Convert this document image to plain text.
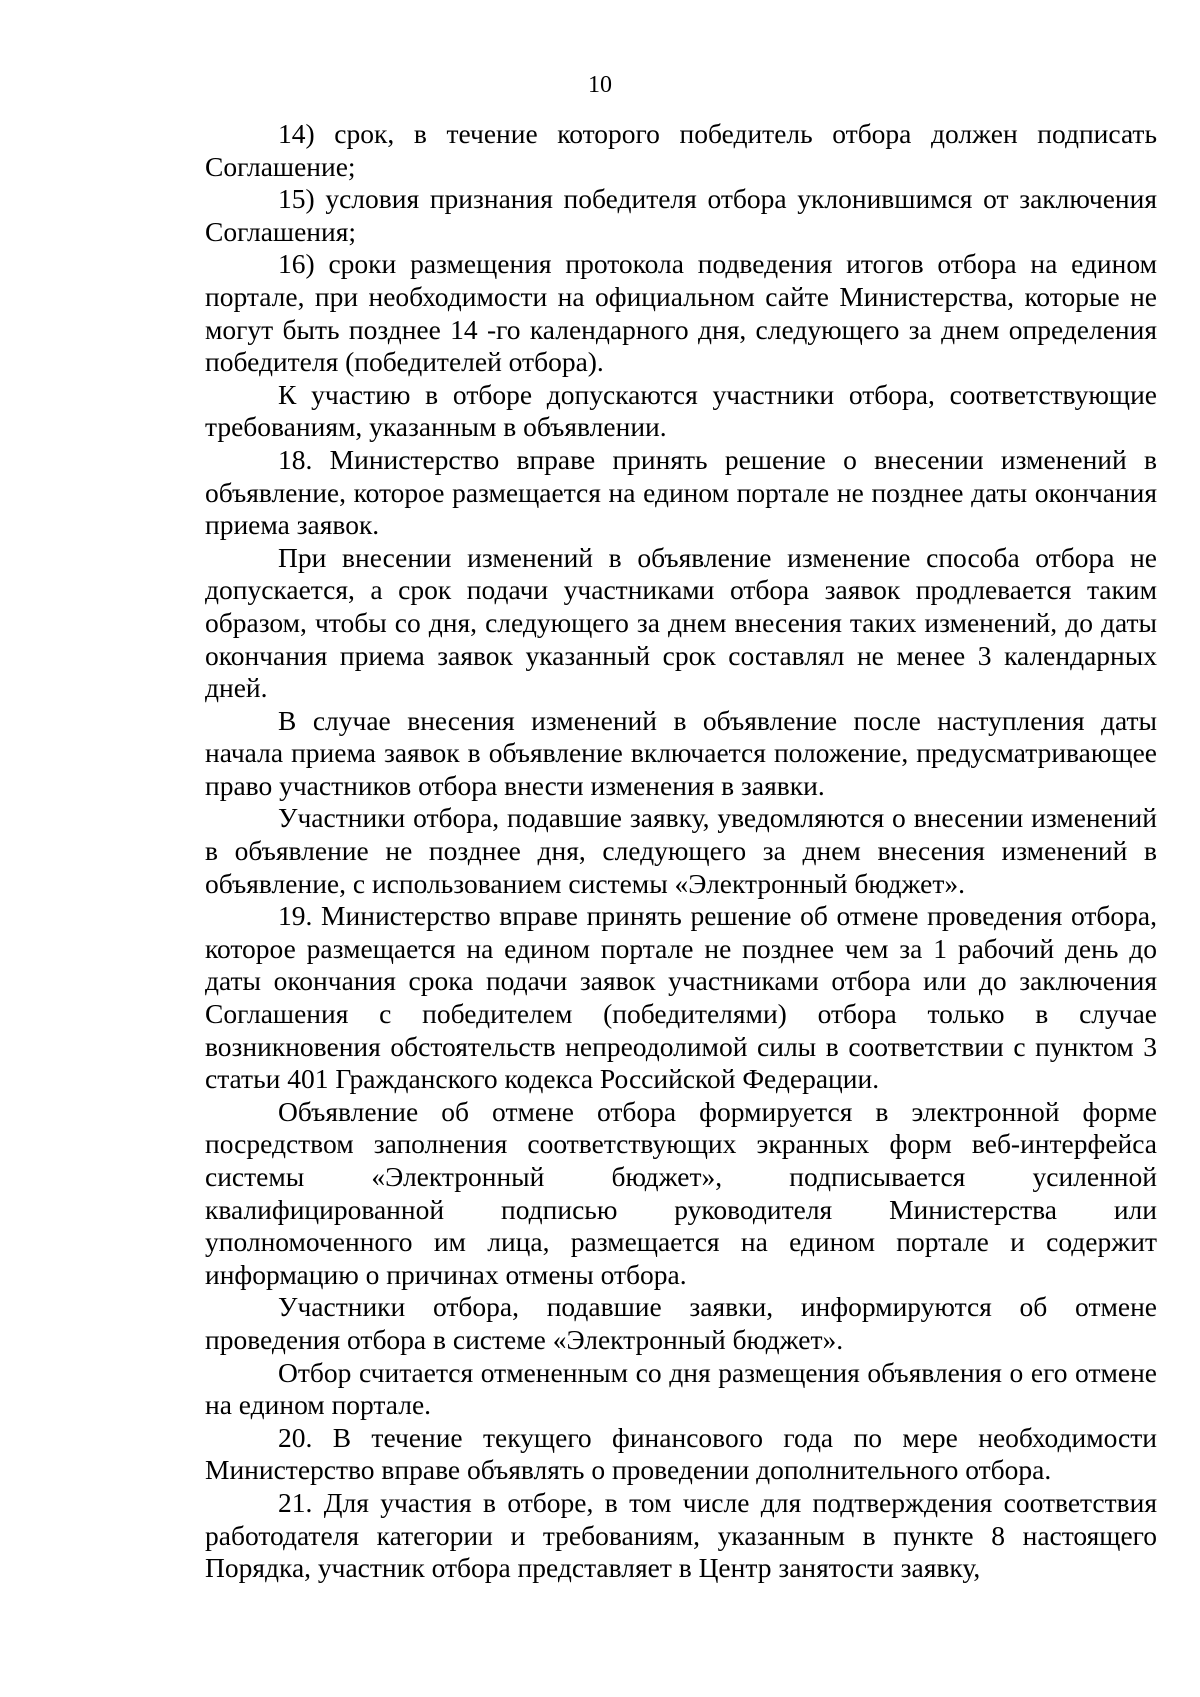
10

14) срок, в течение которого победитель отбора должен подписать Соглашение;

15) условия признания победителя отбора уклонившимся от заключения Соглашения;

16) сроки размещения протокола подведения итогов отбора на едином портале, при необходимости на официальном сайте Министерства, которые не могут быть позднее 14 -го календарного дня, следующего за днем определения победителя (победителей отбора).

К участию в отборе допускаются участники отбора, соответствующие требованиям, указанным в объявлении.

18. Министерство вправе принять решение о внесении изменений в объявление, которое размещается на едином портале не позднее даты окончания приема заявок.

При внесении изменений в объявление изменение способа отбора не допускается, а срок подачи участниками отбора заявок продлевается таким образом, чтобы со дня, следующего за днем внесения таких изменений, до даты окончания приема заявок указанный срок составлял не менее 3 календарных дней.

В случае внесения изменений в объявление после наступления даты начала приема заявок в объявление включается положение, предусматривающее право участников отбора внести изменения в заявки.

Участники отбора, подавшие заявку, уведомляются о внесении изменений в объявление не позднее дня, следующего за днем внесения изменений в объявление, с использованием системы «Электронный бюджет».

19. Министерство вправе принять решение об отмене проведения отбора, которое размещается на едином портале не позднее чем за 1 рабочий день до даты окончания срока подачи заявок участниками отбора или до заключения Соглашения с победителем (победителями) отбора только в случае возникновения обстоятельств непреодолимой силы в соответствии с пунктом 3 статьи 401 Гражданского кодекса Российской Федерации.

Объявление об отмене отбора формируется в электронной форме посредством заполнения соответствующих экранных форм веб-интерфейса системы «Электронный бюджет», подписывается усиленной квалифицированной подписью руководителя Министерства или уполномоченного им лица, размещается на едином портале и содержит информацию о причинах отмены отбора.

Участники отбора, подавшие заявки, информируются об отмене проведения отбора в системе «Электронный бюджет».

Отбор считается отмененным со дня размещения объявления о его отмене на едином портале.

20. В течение текущего финансового года по мере необходимости Министерство вправе объявлять о проведении дополнительного отбора.

21. Для участия в отборе, в том числе для подтверждения соответствия работодателя категории и требованиям, указанным в пункте 8 настоящего Порядка, участник отбора представляет в Центр занятости заявку,
